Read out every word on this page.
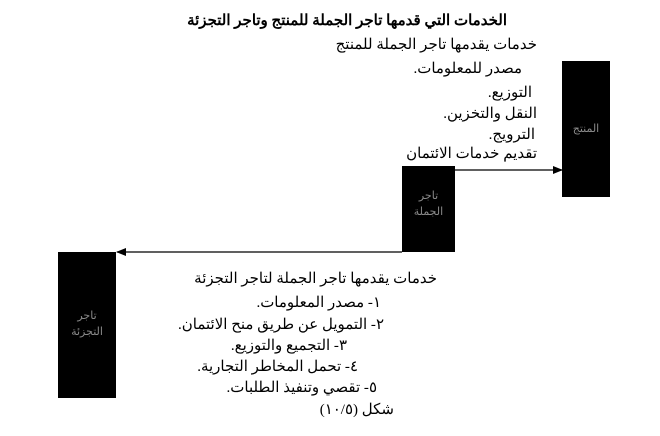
الخدمات التي قدمها تاجر الجملة للمنتج وتاجر التجزئة
خدمات يقدمها تاجر الجملة للمنتج
مصدر للمعلومات.
التوزيع.
النقل والتخزين.
الترويج.
تقديم خدمات الائتمان
المنتج
تاجر
الجملة
تاجر
التجزئة
خدمات يقدمها تاجر الجملة لتاجر التجزئة
١- مصدر المعلومات.
٢- التمويل عن طريق منح الائتمان.
٣- التجميع والتوزيع.
٤- تحمل المخاطر التجارية.
٥- تقصي وتنفيذ الطلبات.
شكل (١٠/٥)
